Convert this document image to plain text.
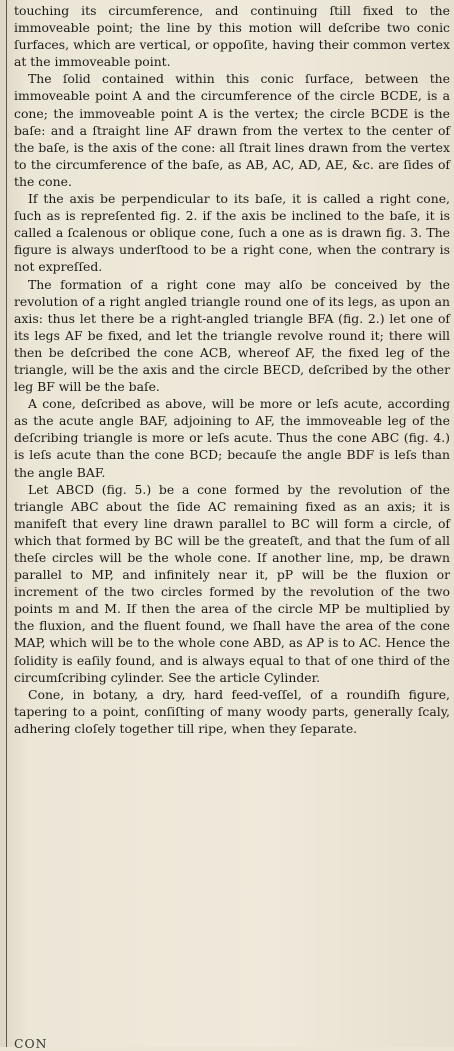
touching its circumference, and continuing ſtill fixed to the immoveable point; the line by this motion will deſcribe two conic ſurfaces, which are vertical, or oppoſite, having their common vertex at the immoveable point.

The ſolid contained within this conic ſurface, between the immoveable point A and the circumference of the circle BCDE, is a cone; the immoveable point A is the vertex; the circle BCDE is the baſe: and a ſtraight line AF drawn from the vertex to the center of the baſe, is the axis of the cone: all ſtrait lines drawn from the vertex to the circumference of the baſe, as AB, AC, AD, AE, &c. are ſides of the cone.

If the axis be perpendicular to its baſe, it is called a right cone, ſuch as is repreſented fig. 2. if the axis be inclined to the baſe, it is called a ſcalenous or oblique cone, ſuch a one as is drawn fig. 3. The figure is always underſtood to be a right cone, when the contrary is not expreſſed.

The formation of a right cone may alſo be conceived by the revolution of a right angled triangle round one of its legs, as upon an axis: thus let there be a right-angled triangle BFA (fig. 2.) let one of its legs AF be fixed, and let the triangle revolve round it; there will then be deſcribed the cone ACB, whereof AF, the fixed leg of the triangle, will be the axis and the circle BECD, deſcribed by the other leg BF will be the baſe.

A cone, deſcribed as above, will be more or leſs acute, according as the acute angle BAF, adjoining to AF, the immoveable leg of the deſcribing triangle is more or leſs acute. Thus the cone ABC (fig. 4.) is leſs acute than the cone BCD; becauſe the angle BDF is leſs than the angle BAF.

Let ABCD (fig. 5.) be a cone formed by the revolution of the triangle ABC about the ſide AC remaining fixed as an axis; it is manifeſt that every line drawn parallel to BC will form a circle, of which that formed by BC will be the greateſt, and that the ſum of all theſe circles will be the whole cone. If another line, mp, be drawn parallel to MP, and infinitely near it, pP will be the fluxion or increment of the two circles formed by the revolution of the two points m and M. If then the area of the circle MP be multiplied by the fluxion, and the fluent found, we ſhall have the area of the cone MAP, which will be to the whole cone ABD, as AP is to AC. Hence the ſolidity is eaſily found, and is always equal to that of one third of the circumſcribing cylinder. See the article Cylinder.

Cone, in botany, a dry, hard feed-veſſel, of a roundiſh figure, tapering to a point, conſiſting of many woody parts, generally ſcaly, adhering cloſely together till ripe, when they ſeparate.

CON
